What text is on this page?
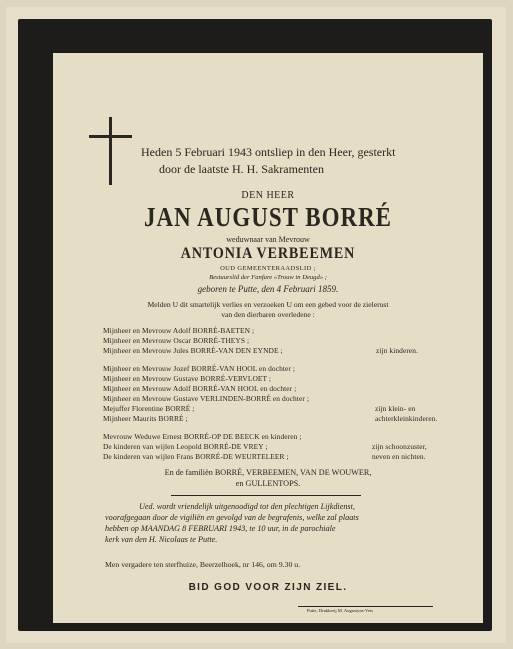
Heden 5 Februari 1943 ontsliep in den Heer, gesterkt
door de laatste H. H. Sakramenten
DEN HEER
JAN AUGUST BORRÉ
weduwnaar van Mevrouw
ANTONIA VERBEEMEN
OUD GEMEENTERAADSLID ;
Bestuurslid der Fanfare «Trouw in Deugd» ;
geboren te Putte, den 4 Februari 1859.
Melden U dit smartelijk verlies en verzoeken U om een gebed voor de zielerust
van den dierbaren overledene :
Mijnheer en Mevrouw Adolf BORRÉ-BAETEN ;
Mijnheer en Mevrouw Oscar BORRÉ-THEYS ;
Mijnheer en Mevrouw Jules BORRÉ-VAN DEN EYNDE ;	zijn kinderen.
Mijnheer en Mevrouw Jozef BORRÉ-VAN HOOL en dochter ;
Mijnheer en Mevrouw Gustave BORRÉ-VERVLOET ;
Mijnheer en Mevrouw Adolf BORRÉ-VAN HOOL en dochter ;
Mijnheer en Mevrouw Gustave VERLINDEN-BORRÉ en dochter ;
Mejuffer Florentine BORRÉ ;
Mijnheer Maurits BORRÉ ;
zijn klein- en
achterkleinkinderen.
Mevrouw Weduwe Ernest BORRÉ-OP DE BEECK en kinderen ;
De kinderen van wijlen Leopold BORRÉ-DE VREY ;
De kinderen van wijlen Frans BORRÉ-DE WEURTELEER ;
zijn schoonzuster,
neven en nichten.
En de familiën BORRÉ, VERBEEMEN, VAN DE WOUWER,
en GULLENTOPS.
Ued. wordt vriendelijk uitgenoodigd tot den plechtigen Lijkdienst,
voorafgegaan door de vigiliën en gevolgd van de begrafenis, welke zal plaats
hebben op MAANDAG 8 FEBRUARI 1943, te 10 uur, in de parochiale
kerk van den H. Nicolaas te Putte.
Men vergadere ten sterfhuize, Beerzelhoek, nr 146, om 9.30 u.
BID GOD VOOR ZIJN ZIEL.
Putte, Drukkerij M. Augustyns-Vets
